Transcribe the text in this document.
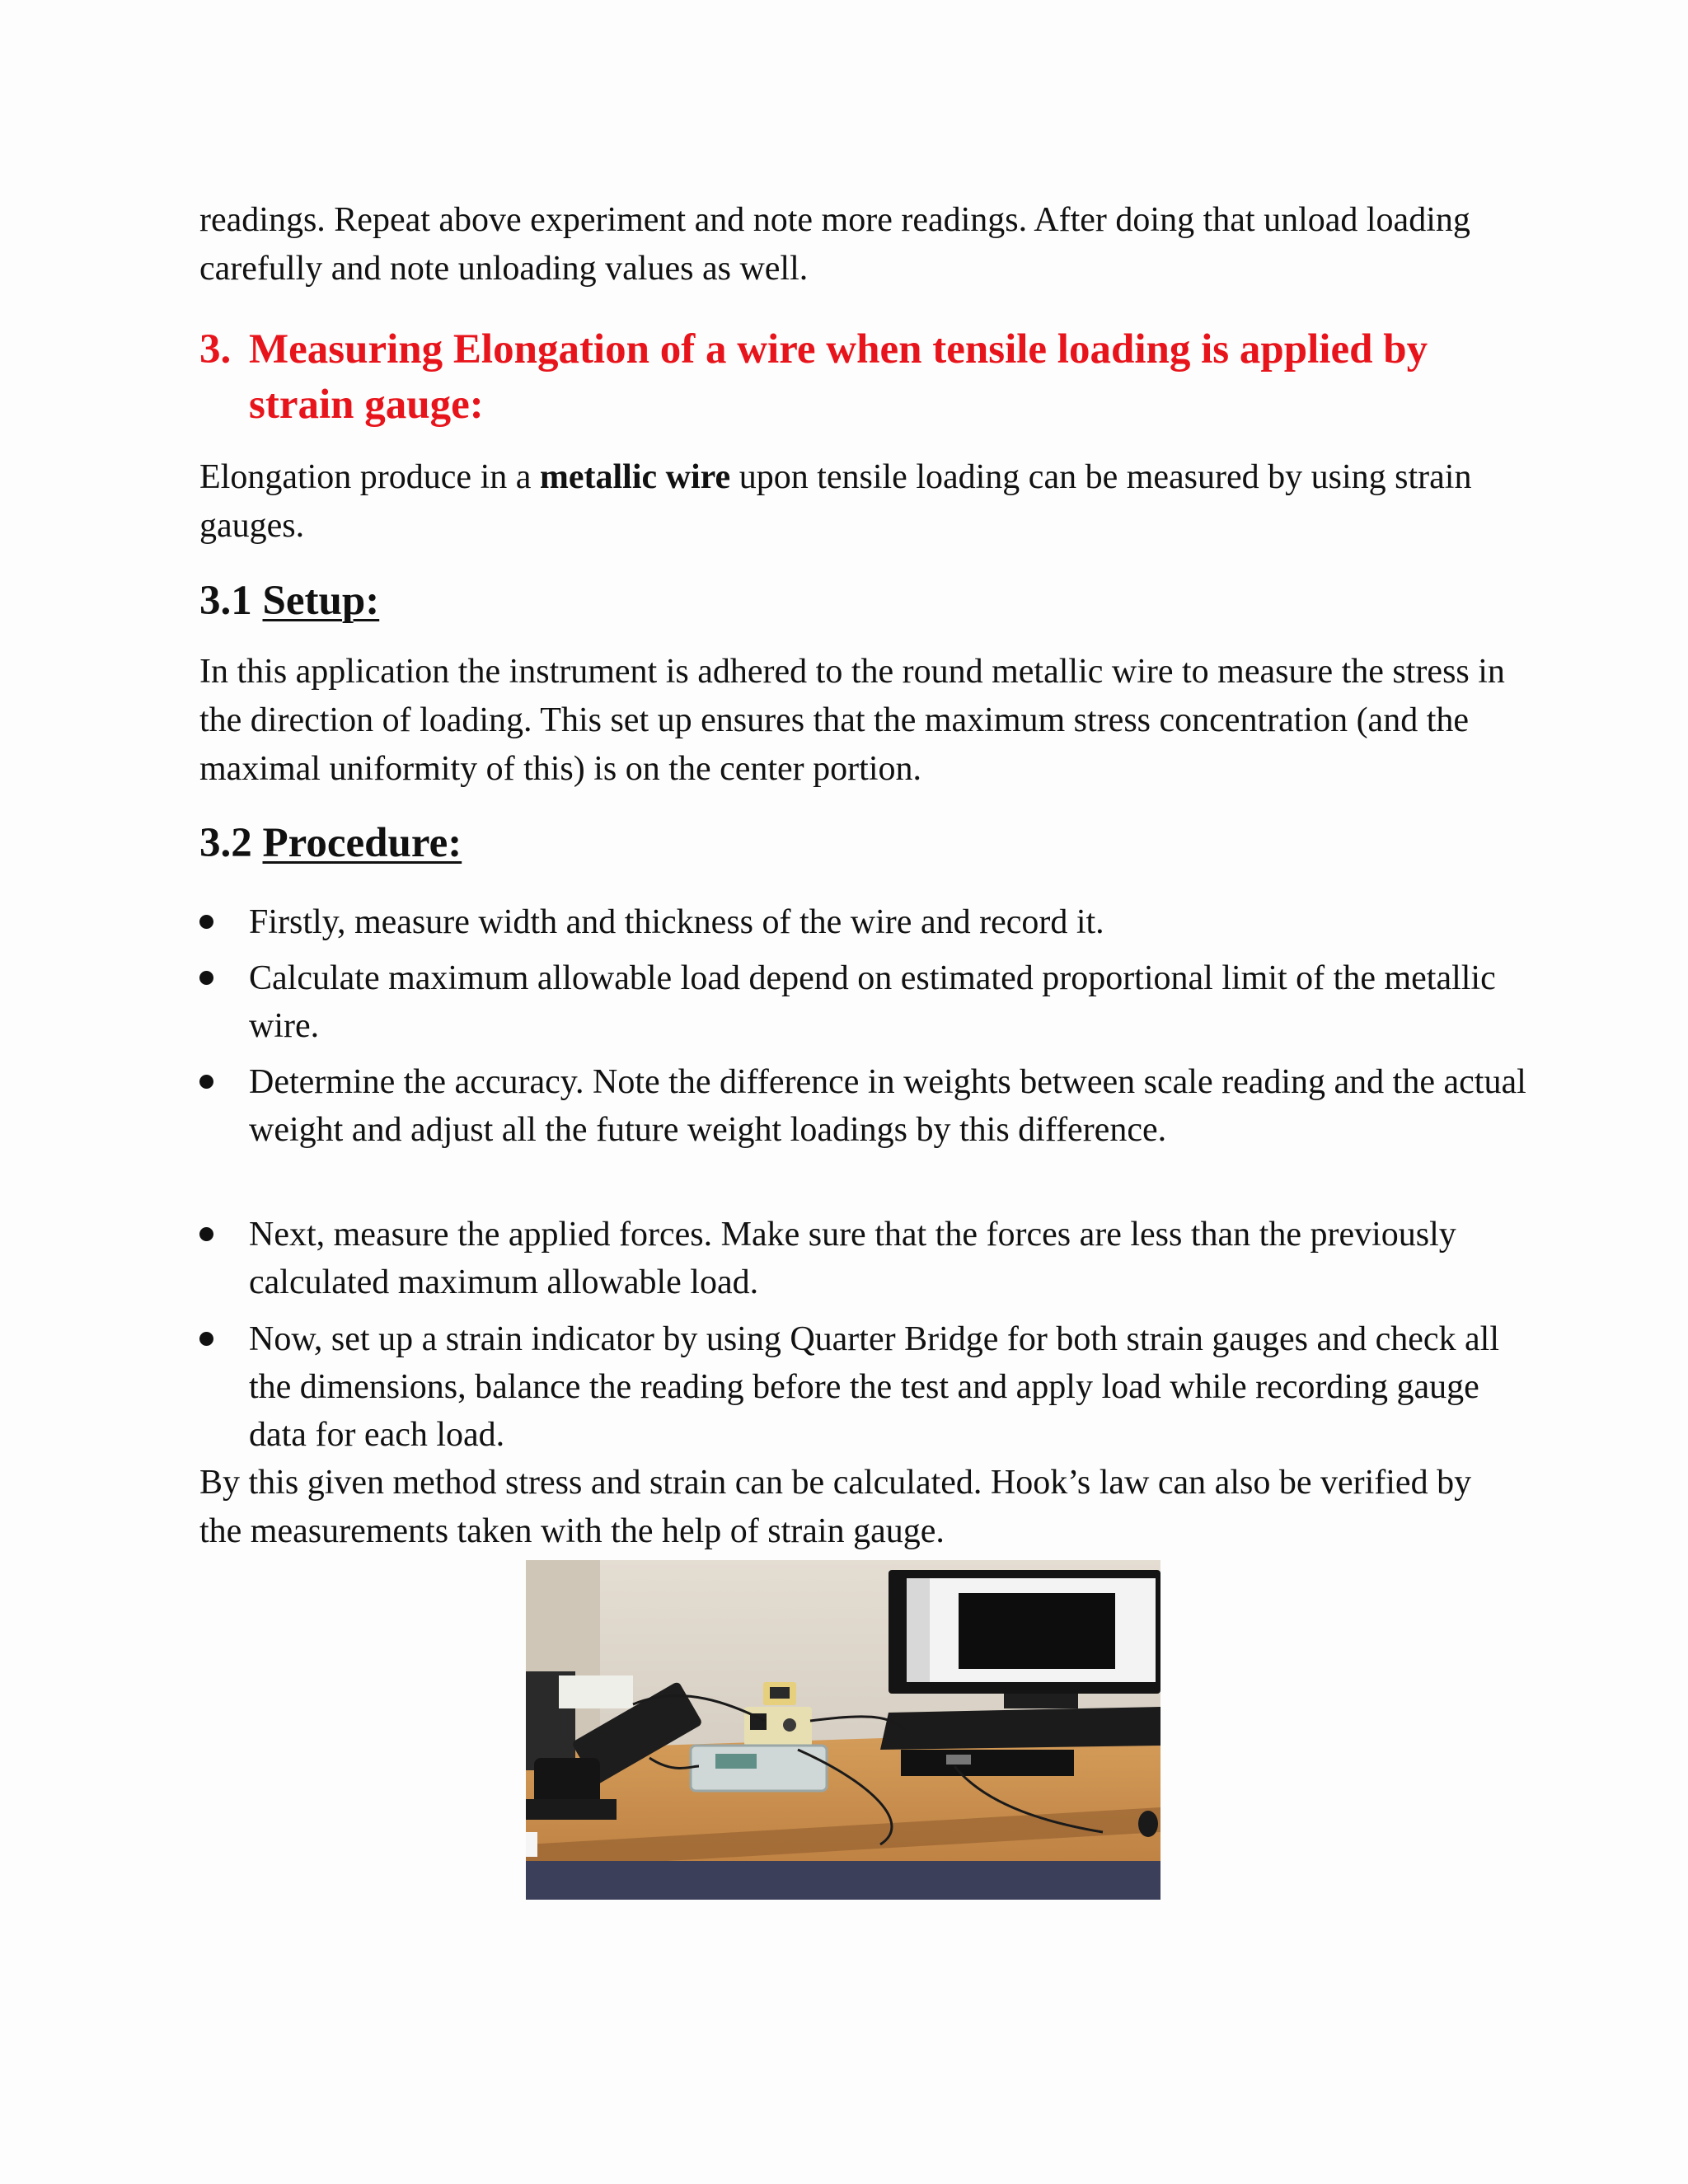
readings. Repeat above experiment and note more readings. After doing that unload loading carefully and note unloading values as well.

3. Measuring Elongation of a wire when tensile loading is applied by strain gauge:

Elongation produce in a metallic wire upon tensile loading can be measured by using strain gauges.

3.1 Setup:

In this application the instrument is adhered to the round metallic wire to measure the stress in the direction of loading. This set up ensures that the maximum stress concentration (and the maximal uniformity of this) is on the center portion.

3.2 Procedure:
Firstly, measure width and thickness of the wire and record it.
Calculate maximum allowable load depend on estimated proportional limit of the metallic wire.
Determine the accuracy. Note the difference in weights between scale reading and the actual weight and adjust all the future weight loadings by this difference.
Next, measure the applied forces. Make sure that the forces are less than the previously calculated maximum allowable load.
Now, set up a strain indicator by using Quarter Bridge for both strain gauges and check all the dimensions, balance the reading before the test and apply load while recording gauge data for each load.

By this given method stress and strain can be calculated. Hook’s law can also be verified by the measurements taken with the help of strain gauge.
